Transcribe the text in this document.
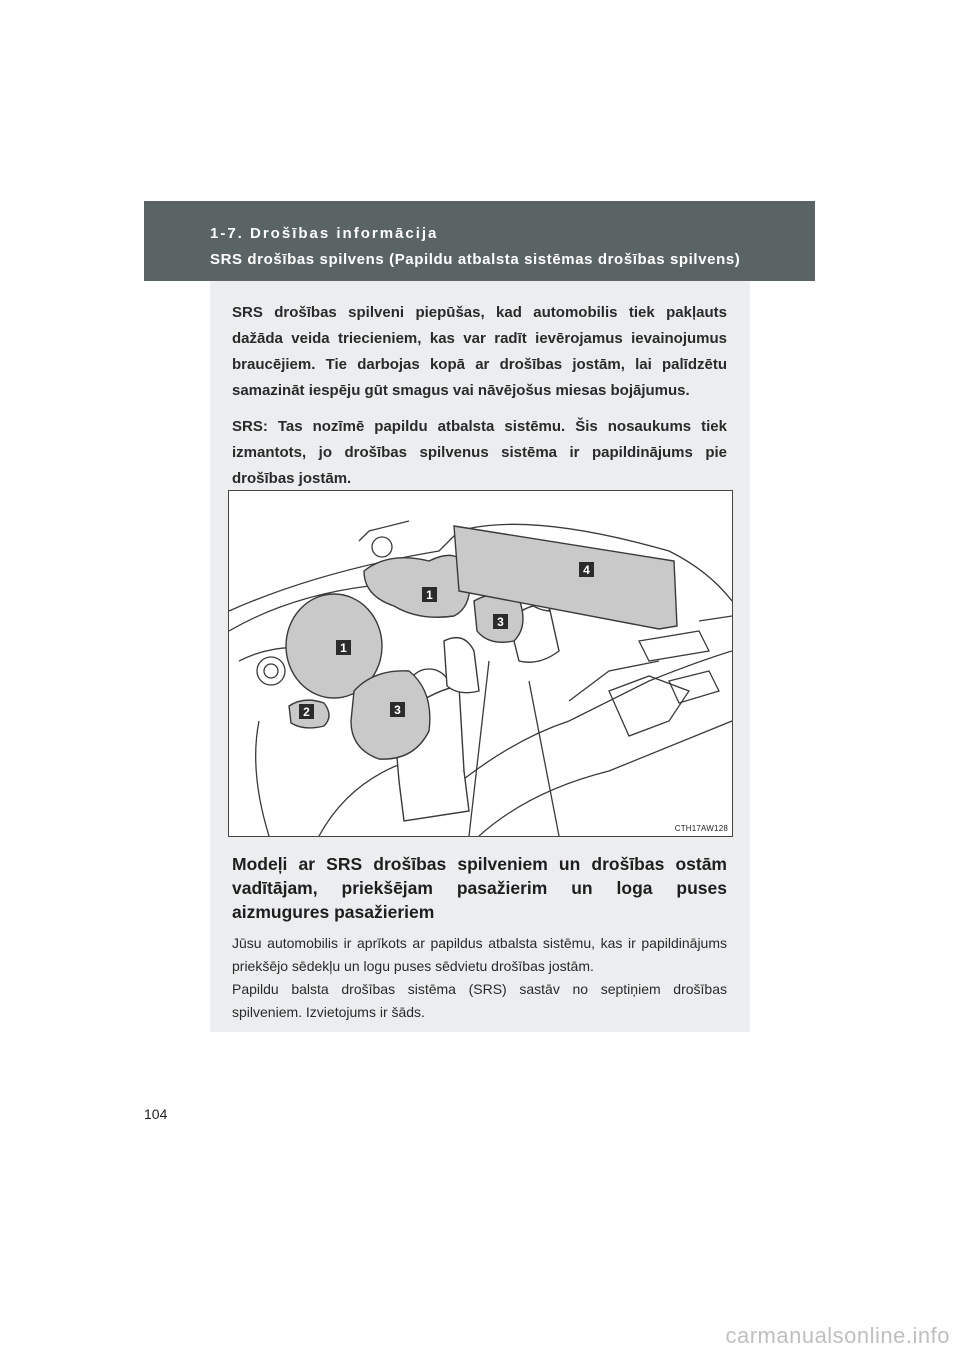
1-7. Drošības informācija
SRS drošības spilvens (Papildu atbalsta sistēmas drošības spilvens)

SRS drošības spilveni piepūšas, kad automobilis tiek pakļauts dažāda veida triecieniem, kas var radīt ievērojamus ievainojumus braucējiem. Tie darbojas kopā ar drošības jostām, lai palīdzētu samazināt iespēju gūt smagus vai nāvējošus miesas bojājumus.

SRS: Tas nozīmē papildu atbalsta sistēmu. Šis nosaukums tiek izmantots, jo drošības spilvenus sistēma ir papildinājums pie drošības jostām.

1
1
2
3
3
4
CTH17AW128
Modeļi ar SRS drošības spilveniem un drošības ostām vadītājam, priekšējam pasažierim un loga puses aizmugures pasažieriem

Jūsu automobilis ir aprīkots ar papildus atbalsta sistēmu, kas ir papildinājums priekšējo sēdekļu un logu puses sēdvietu drošības jostām.

Papildu balsta drošības sistēma (SRS) sastāv no septiņiem drošības spilveniem. Izvietojums ir šāds.

104
carmanualsonline.info
